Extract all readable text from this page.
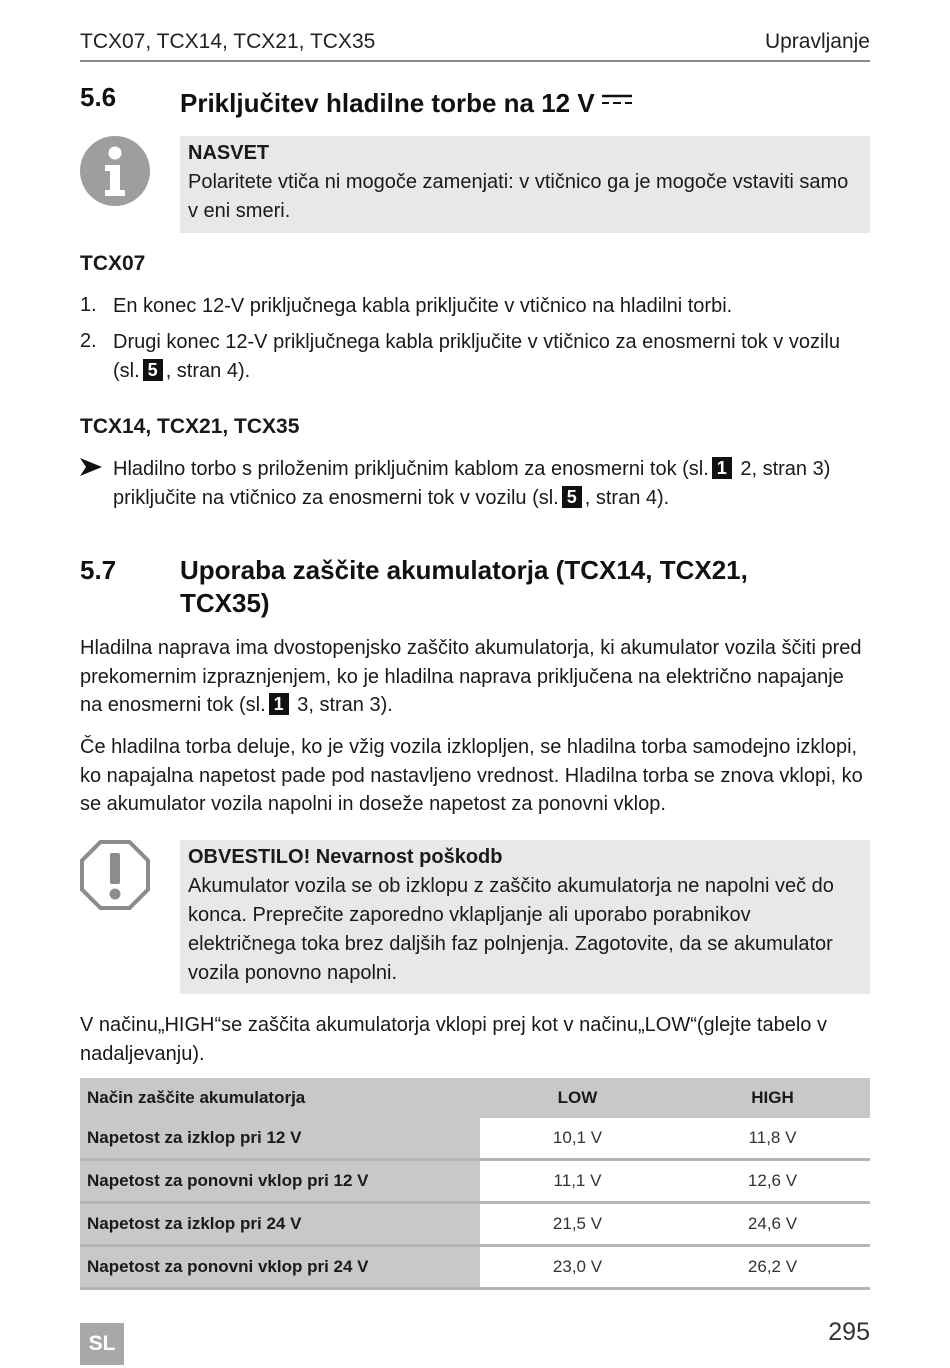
TCX07, TCX14, TCX21, TCX35	Upravljanje
5.6 Priključitev hladilne torbe na 12 V
NASVET
Polaritete vtiča ni mogoče zamenjati: v vtičnico ga je mogoče vstaviti samo v eni smeri.
TCX07
1. En konec 12-V priključnega kabla priključite v vtičnico na hladilni torbi.
2. Drugi konec 12-V priključnega kabla priključite v vtičnico za enosmerni tok v vozilu (sl. 5 , stran 4).
TCX14, TCX21, TCX35
Hladilno torbo s priloženim priključnim kablom za enosmerni tok (sl. 1 2, stran 3) priključite na vtičnico za enosmerni tok v vozilu (sl. 5 , stran 4).
5.7 Uporaba zaščite akumulatorja (TCX14, TCX21, TCX35)
Hladilna naprava ima dvostopenjsko zaščito akumulatorja, ki akumulator vozila ščiti pred prekomernim izpraznjenjem, ko je hladilna naprava priključena na električno napajanje na enosmerni tok (sl. 1 3, stran 3).
Če hladilna torba deluje, ko je vžig vozila izklopljen, se hladilna torba samodejno izklopi, ko napajalna napetost pade pod nastavljeno vrednost. Hladilna torba se znova vklopi, ko se akumulator vozila napolni in doseže napetost za ponovni vklop.
OBVESTILO! Nevarnost poškodb
Akumulator vozila se ob izklopu z zaščito akumulatorja ne napolni več do konca. Preprečite zaporedno vklapljanje ali uporabo porabnikov električnega toka brez daljših faz polnjenja. Zagotovite, da se akumulator vozila ponovno napolni.
V načinu„HIGH“se zaščita akumulatorja vklopi prej kot v načinu„LOW“(glejte tabelo v nadaljevanju).
Način zaščite akumulatorja	LOW	HIGH
Napetost za izklop pri 12 V	10,1 V	11,8 V
Napetost za ponovni vklop pri 12 V	11,1 V	12,6 V
Napetost za izklop pri 24 V	21,5 V	24,6 V
Napetost za ponovni vklop pri 24 V	23,0 V	26,2 V
SL	295
